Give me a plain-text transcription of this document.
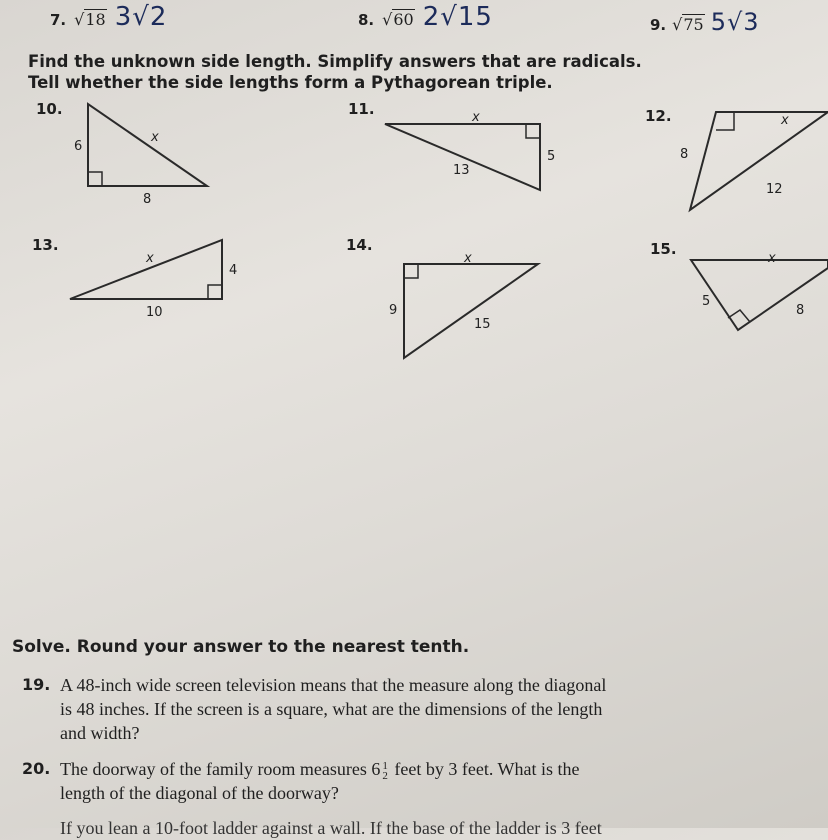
7. √18 3√2	8. √60 2√15	9. √75 5√3
Find the unknown side length. Simplify answers that are radicals.
Tell whether the side lengths form a Pythagorean triple.
10.	11.	12.
13.	14.	15.
6
x
8
x
5
13
8
x
12
x
4
10
x
9
15
x
5
8
Solve. Round your answer to the nearest tenth.
19. A 48-inch wide screen television means that the measure along the diagonal
is 48 inches. If the screen is a square, what are the dimensions of the length
and width?
20. The doorway of the family room measures 6 1
2 feet by 3 feet. What is the
length of the diagonal of the doorway?
If you lean a 10-foot ladder against a wall. If the base of the ladder is 3 feet
